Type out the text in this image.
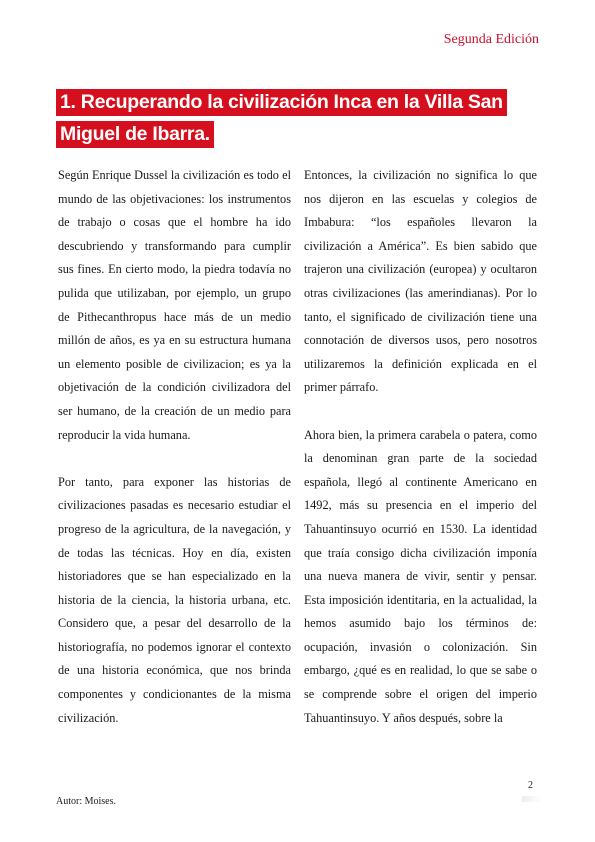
Segunda Edición
1. Recuperando la civilización Inca en la Villa San
Miguel de Ibarra.

Según Enrique Dussel la civilización es todo el mundo de las objetivaciones: los instrumentos de trabajo o cosas que el hombre ha ido descubriendo y transformando para cumplir sus fines. En cierto modo, la piedra todavía no pulida que utilizaban, por ejemplo, un grupo de Pithecanthropus hace más de un medio millón de años, es ya en su estructura humana un elemento posible de civilizacion; es ya la objetivación de la condición civilizadora del ser humano, de la creación de un medio para reproducir la vida humana.

Por tanto, para exponer las historias de civilizaciones pasadas es necesario estudiar el progreso de la agricultura, de la navegación, y de todas las técnicas. Hoy en día, existen historiadores que se han especializado en la historia de la ciencia, la historia urbana, etc. Considero que, a pesar del desarrollo de la historiografía, no podemos ignorar el contexto de una historia económica, que nos brinda componentes y condicionantes de la misma civilización.

Entonces, la civilización no significa lo que nos dijeron en las escuelas y colegios de Imbabura: “los españoles llevaron la civilización a América”. Es bien sabido que trajeron una civilización (europea) y ocultaron otras civilizaciones (las amerindianas). Por lo tanto, el significado de civilización tiene una connotación de diversos usos, pero nosotros utilizaremos la definición explicada en el primer párrafo.

Ahora bien, la primera carabela o patera, como la denominan gran parte de la sociedad española, llegó al continente Americano en 1492, más su presencia en el imperio del Tahuantinsuyo ocurrió en 1530. La identidad que traía consigo dicha civilización imponía una nueva manera de vivir, sentir y pensar. Esta imposición identitaria, en la actualidad, la hemos asumido bajo los términos de: ocupación, invasión o colonización. Sin embargo, ¿qué es en realidad, lo que se sabe o se comprende sobre el origen del imperio Tahuantinsuyo. Y años después, sobre la

2
Autor: Moises.
